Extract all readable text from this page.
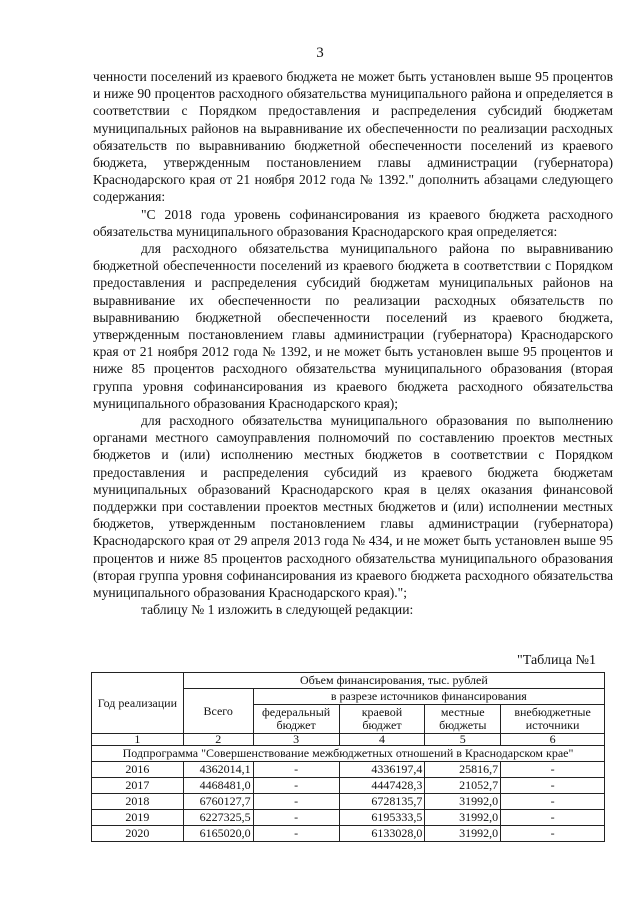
3

ченности поселений из краевого бюджета не может быть установлен выше 95 процентов и ниже 90 процентов расходного обязательства муниципального района и определяется в соответствии с Порядком предоставления и распределения субсидий бюджетам муниципальных районов на выравнивание их обеспеченности по реализации расходных обязательств по выравниванию бюджетной обеспеченности поселений из краевого бюджета, утвержденным постановлением главы администрации (губернатора) Краснодарского края от 21 ноября 2012 года № 1392." дополнить абзацами следующего содержания:

"С 2018 года уровень софинансирования из краевого бюджета расходного обязательства муниципального образования Краснодарского края определяется:

для расходного обязательства муниципального района по выравниванию бюджетной обеспеченности поселений из краевого бюджета в соответствии с Порядком предоставления и распределения субсидий бюджетам муниципальных районов на выравнивание их обеспеченности по реализации расходных обязательств по выравниванию бюджетной обеспеченности поселений из краевого бюджета, утвержденным постановлением главы администрации (губернатора) Краснодарского края от 21 ноября 2012 года № 1392, и не может быть установлен выше 95 процентов и ниже 85 процентов расходного обязательства муниципального образования (вторая группа уровня софинансирования из краевого бюджета расходного обязательства муниципального образования Краснодарского края);

для расходного обязательства муниципального образования по выполнению органами местного самоуправления полномочий по составлению проектов местных бюджетов и (или) исполнению местных бюджетов в соответствии с Порядком предоставления и распределения субсидий из краевого бюджета бюджетам муниципальных образований Краснодарского края в целях оказания финансовой поддержки при составлении проектов местных бюджетов и (или) исполнении местных бюджетов, утвержденным постановлением главы администрации (губернатора) Краснодарского края от 29 апреля 2013 года № 434, и не может быть установлен выше 95 процентов и ниже 85 процентов расходного обязательства муниципального образования (вторая группа уровня софинансирования из краевого бюджета расходного обязательства муниципального образования Краснодарского края).";

таблицу № 1 изложить в следующей редакции:

"Таблица №1
Год реализации	Объем финансирования, тыс. рублей				
	Всего	в разрезе источников финансирования			
		федеральный бюджет	краевой бюджет	местные бюджеты	внебюджетные источники
1	2	3	4	5	6
Подпрограмма "Совершенствование межбюджетных отношений в Краснодарском крае"					
2016	4362014,1	-	4336197,4	25816,7	-
2017	4468481,0	-	4447428,3	21052,7	-
2018	6760127,7	-	6728135,7	31992,0	-
2019	6227325,5	-	6195333,5	31992,0	-
2020	6165020,0	-	6133028,0	31992,0	-
